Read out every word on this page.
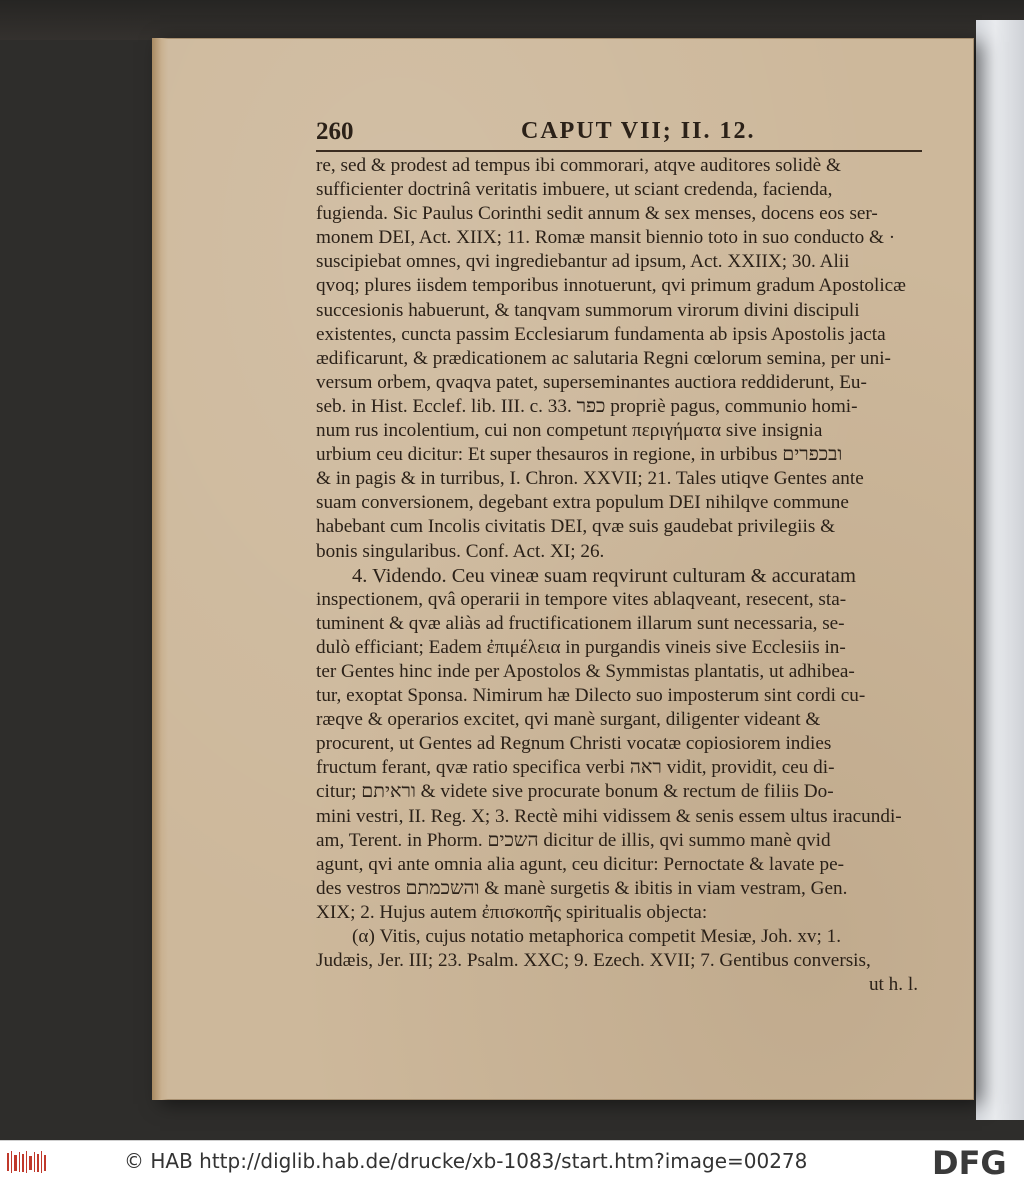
260	CAPUT VII; II. 12.
re, sed & prodest ad tempus ibi commorari, atqve auditores solidè &
sufficienter doctrinâ veritatis imbuere, ut sciant credenda, facienda,
fugienda. Sic Paulus Corinthi sedit annum & sex menses, docens eos ser-
monem DEI, Act. XIIX; 11. Romæ mansit biennio toto in suo conducto & ·
suscipiebat omnes, qvi ingrediebantur ad ipsum, Act. XXIIX; 30. Alii
qvoq; plures iisdem temporibus innotuerunt, qvi primum gradum Apostolicæ
succesionis habuerunt, & tanqvam summorum virorum divini discipuli
existentes, cuncta passim Ecclesiarum fundamenta ab ipsis Apostolis jacta
ædificarunt, & prædicationem ac salutaria Regni cœlorum semina, per uni-
versum orbem, qvaqva patet, superseminantes auctiora reddiderunt, Eu-
seb. in Hist. Ecclef. lib. III. c. 33. כפר propriè pagus, communio homi-
num rus incolentium, cui non competunt περιγήματα sive insignia
urbium ceu dicitur: Et super thesauros in regione, in urbibus ובכפרים
& in pagis & in turribus, I. Chron. XXVII; 21. Tales utiqve Gentes ante
suam conversionem, degebant extra populum DEI nihilqve commune
habebant cum Incolis civitatis DEI, qvæ suis gaudebat privilegiis &
bonis singularibus. Conf. Act. XI; 26.
4. Videndo. Ceu vineæ suam reqvirunt culturam & accuratam
inspectionem, qvâ operarii in tempore vites ablaqveant, resecent, sta-
tuminent & qvæ aliàs ad fructificationem illarum sunt necessaria, se-
dulò efficiant; Eadem ἐπιμέλεια in purgandis vineis sive Ecclesiis in-
ter Gentes hinc inde per Apostolos & Symmistas plantatis, ut adhibea-
tur, exoptat Sponsa. Nimirum hæ Dilecto suo imposterum sint cordi cu-
ræqve & operarios excitet, qvi manè surgant, diligenter videant &
procurent, ut Gentes ad Regnum Christi vocatæ copiosiorem indies
fructum ferant, qvæ ratio specifica verbi ראה vidit, providit, ceu di-
citur; וראיתם & videte sive procurate bonum & rectum de filiis Do-
mini vestri, II. Reg. X; 3. Rectè mihi vidissem & senis essem ultus iracundi-
am, Terent. in Phorm. השכים dicitur de illis, qvi summo manè qvid
agunt, qvi ante omnia alia agunt, ceu dicitur: Pernoctate & lavate pe-
des vestros והשכמתם & manè surgetis & ibitis in viam vestram, Gen.
XIX; 2. Hujus autem ἐπισκοπῆς spiritualis objecta:
(α) Vitis, cujus notatio metaphorica competit Mesiæ, Joh. xv; 1.
Judæis, Jer. III; 23. Psalm. XXC; 9. Ezech. XVII; 7. Gentibus conversis,
ut h. l.
© HAB http://diglib.hab.de/drucke/xb-1083/start.htm?image=00278	DFG
